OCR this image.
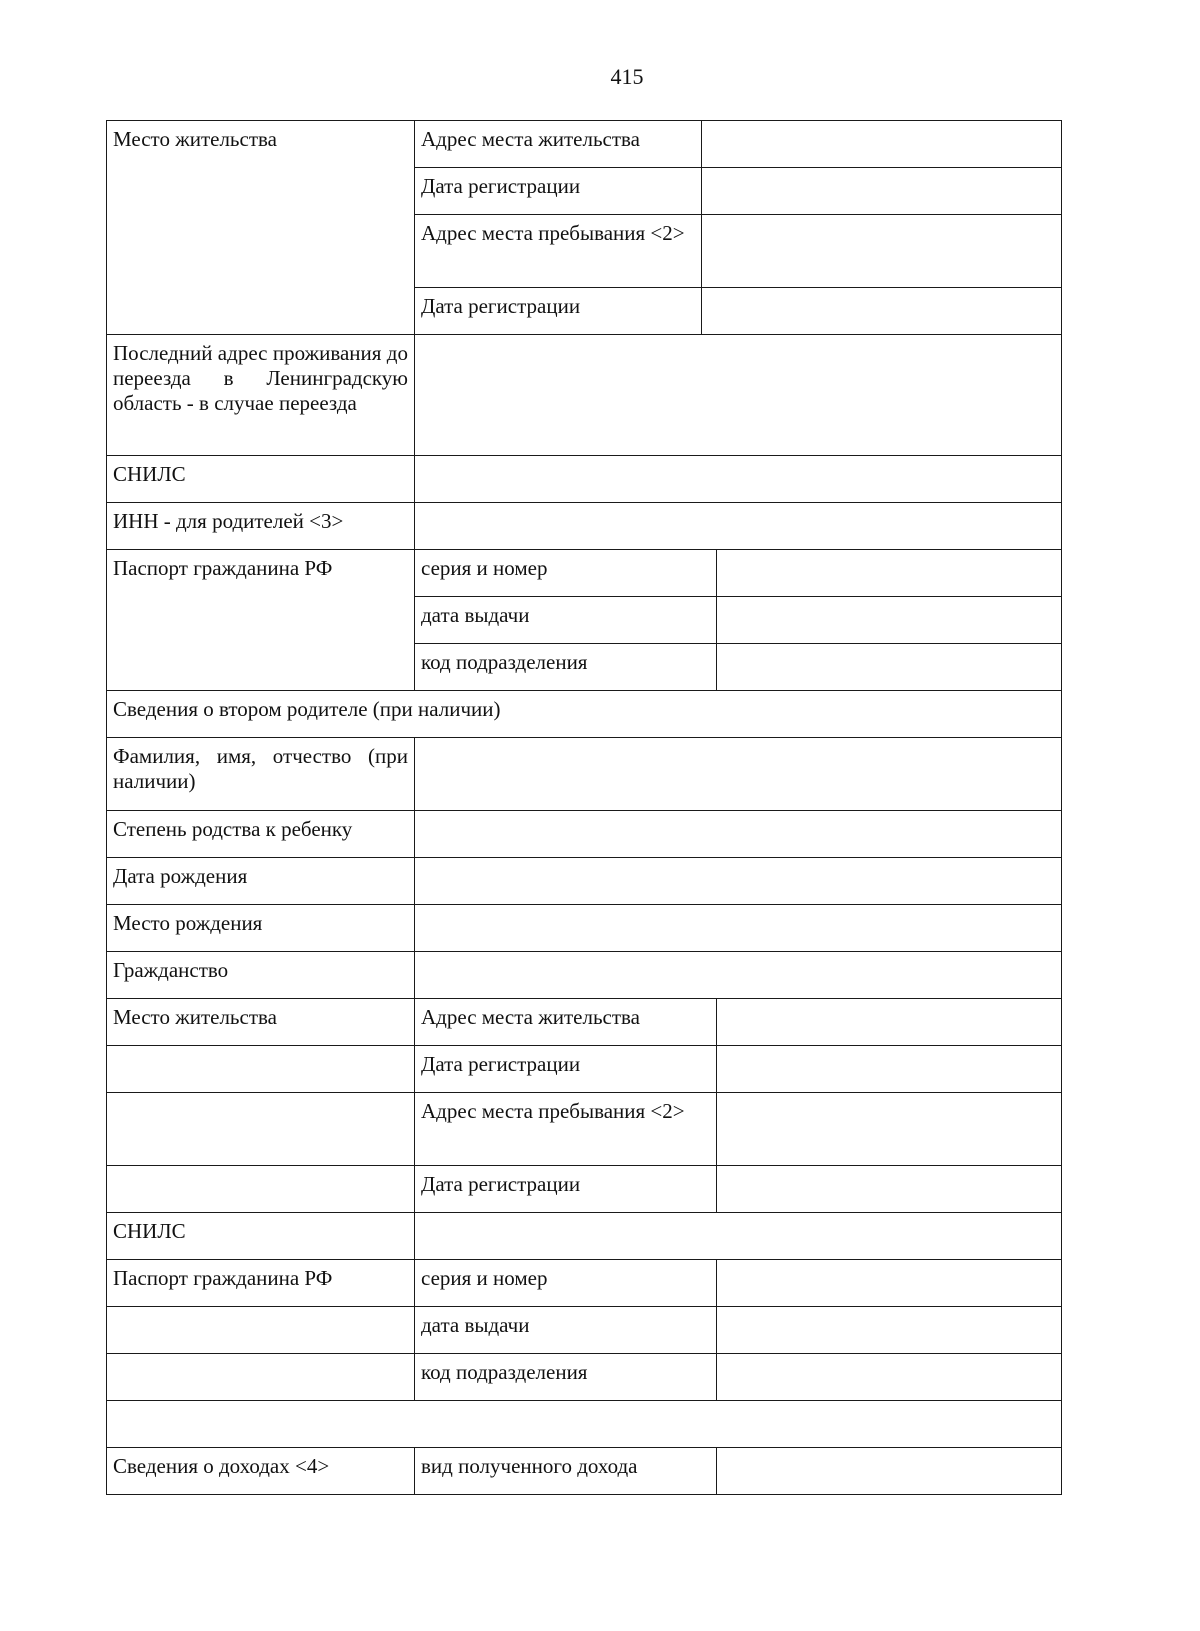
415
Место жительства	Адрес места жительства		
	Дата регистрации		
	Адрес места пребывания <2>		
	Дата регистрации		
Последний адрес проживания до переезда в Ленинградскую область - в случае переезда			
СНИЛС			
ИНН - для родителей <3>			
Паспорт гражданина РФ	серия и номер		
	дата выдачи		
	код подразделения		
Сведения о втором родителе (при наличии)			
Фамилия, имя, отчество (при наличии)			
Степень родства к ребенку			
Дата рождения			
Место рождения			
Гражданство			
Место жительства	Адрес места жительства		
	Дата регистрации		
	Адрес места пребывания <2>		
	Дата регистрации		
СНИЛС			
Паспорт гражданина РФ	серия и номер		
	дата выдачи		
	код подразделения		

Сведения о доходах <4>	вид полученного дохода		
